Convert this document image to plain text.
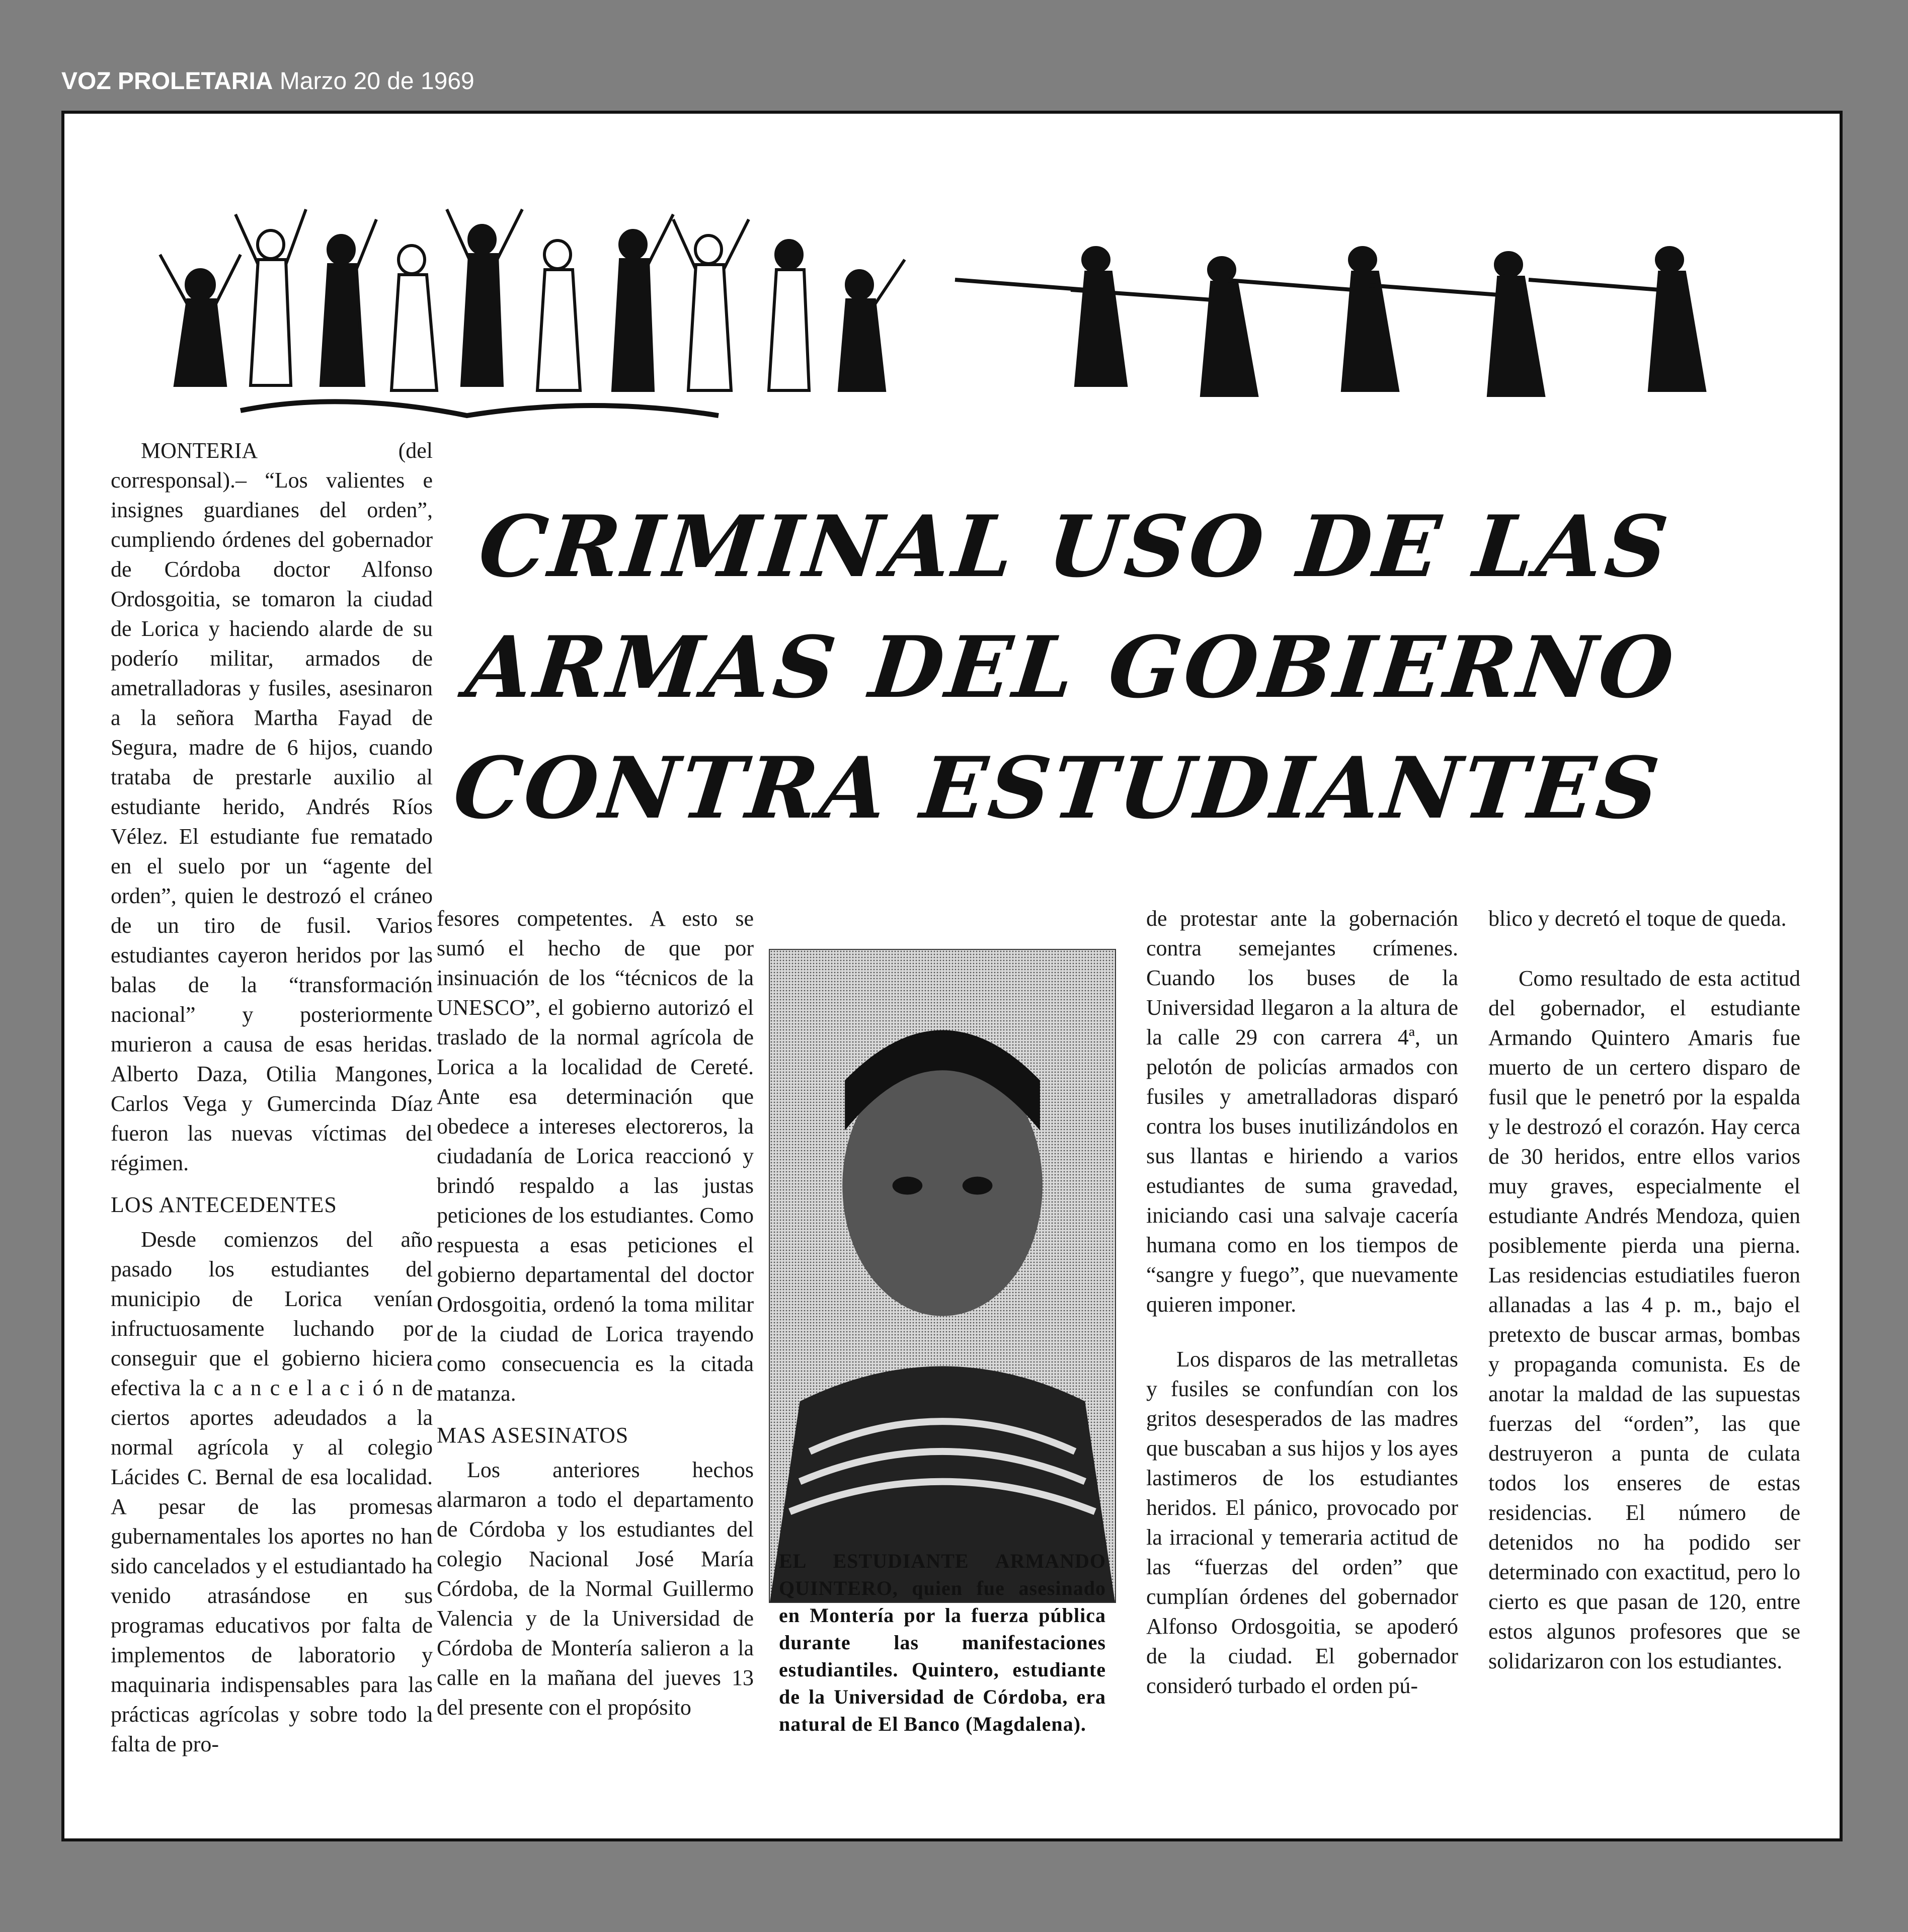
VOZ PROLETARIA Marzo 20 de 1969
CRIMINAL USO DE LAS
ARMAS DEL GOBIERNO
CONTRA ESTUDIANTES

MONTERIA (del corresponsal).– “Los valientes e insignes guardianes del orden”, cumpliendo órdenes del gobernador de Córdoba doctor Alfonso Ordosgoitia, se tomaron la ciudad de Lorica y haciendo alarde de su poderío militar, armados de ametralladoras y fusiles, asesinaron a la señora Martha Fayad de Segura, madre de 6 hijos, cuando trataba de prestarle auxilio al estudiante herido, Andrés Ríos Vélez. El estudiante fue rematado en el suelo por un “agente del orden”, quien le destrozó el cráneo de un tiro de fusil. Varios estudiantes cayeron heridos por las balas de la “transformación nacional” y posteriormente murieron a causa de esas heridas. Alberto Daza, Otilia Mangones, Carlos Vega y Gumercinda Díaz fueron las nuevas víctimas del régimen.

LOS ANTECEDENTES

Desde comienzos del año pasado los estudiantes del municipio de Lorica venían infructuosamente luchando por conseguir que el gobierno hiciera efectiva la c a n c e l a c i ó n de ciertos aportes adeudados a la normal agrícola y al colegio Lácides C. Bernal de esa localidad. A pesar de las promesas gubernamentales los aportes no han sido cancelados y el estudiantado ha venido atrasándose en sus programas educativos por falta de implementos de laboratorio y maquinaria indispensables para las prácticas agrícolas y sobre todo la falta de pro-

fesores competentes. A esto se sumó el hecho de que por insinuación de los “técnicos de la UNESCO”, el gobierno autorizó el traslado de la normal agrícola de Lorica a la localidad de Cereté. Ante esa determinación que obedece a intereses electoreros, la ciudadanía de Lorica reaccionó y brindó respaldo a las justas peticiones de los estudiantes. Como respuesta a esas peticiones el gobierno departamental del doctor Ordosgoitia, ordenó la toma militar de la ciudad de Lorica trayendo como consecuencia es la citada matanza.

MAS ASESINATOS

Los anteriores hechos alarmaron a todo el departamento de Córdoba y los estudiantes del colegio Nacional José María Córdoba, de la Normal Guillermo Valencia y de la Universidad de Córdoba de Montería salieron a la calle en la mañana del jueves 13 del presente con el propósito

EL ESTUDIANTE ARMANDO QUINTERO, quien fue asesinado en Montería por la fuerza pública durante las manifestaciones estudiantiles. Quintero, estudiante de la Universidad de Córdoba, era natural de El Banco (Magdalena).

de protestar ante la gobernación contra semejantes crímenes. Cuando los buses de la Universidad llegaron a la altura de la calle 29 con carrera 4ª, un pelotón de policías armados con fusiles y ametralladoras disparó contra los buses inutilizándolos en sus llantas e hiriendo a varios estudiantes de suma gravedad, iniciando casi una salvaje cacería humana como en los tiempos de “sangre y fuego”, que nuevamente quieren imponer.

Los disparos de las metralletas y fusiles se confundían con los gritos desesperados de las madres que buscaban a sus hijos y los ayes lastimeros de los estudiantes heridos. El pánico, provocado por la irracional y temeraria actitud de las “fuerzas del orden” que cumplían órdenes del gobernador Alfonso Ordosgoitia, se apoderó de la ciudad. El gobernador consideró turbado el orden pú-

blico y decretó el toque de queda.

Como resultado de esta actitud del gobernador, el estudiante Armando Quintero Amaris fue muerto de un certero disparo de fusil que le penetró por la espalda y le destrozó el corazón. Hay cerca de 30 heridos, entre ellos varios muy graves, especialmente el estudiante Andrés Mendoza, quien posiblemente pierda una pierna. Las residencias estudiatiles fueron allanadas a las 4 p. m., bajo el pretexto de buscar armas, bombas y propaganda comunista. Es de anotar la maldad de las supuestas fuerzas del “orden”, las que destruyeron a punta de culata todos los enseres de estas residencias. El número de detenidos no ha podido ser determinado con exactitud, pero lo cierto es que pasan de 120, entre estos algunos profesores que se solidarizaron con los estudiantes.
